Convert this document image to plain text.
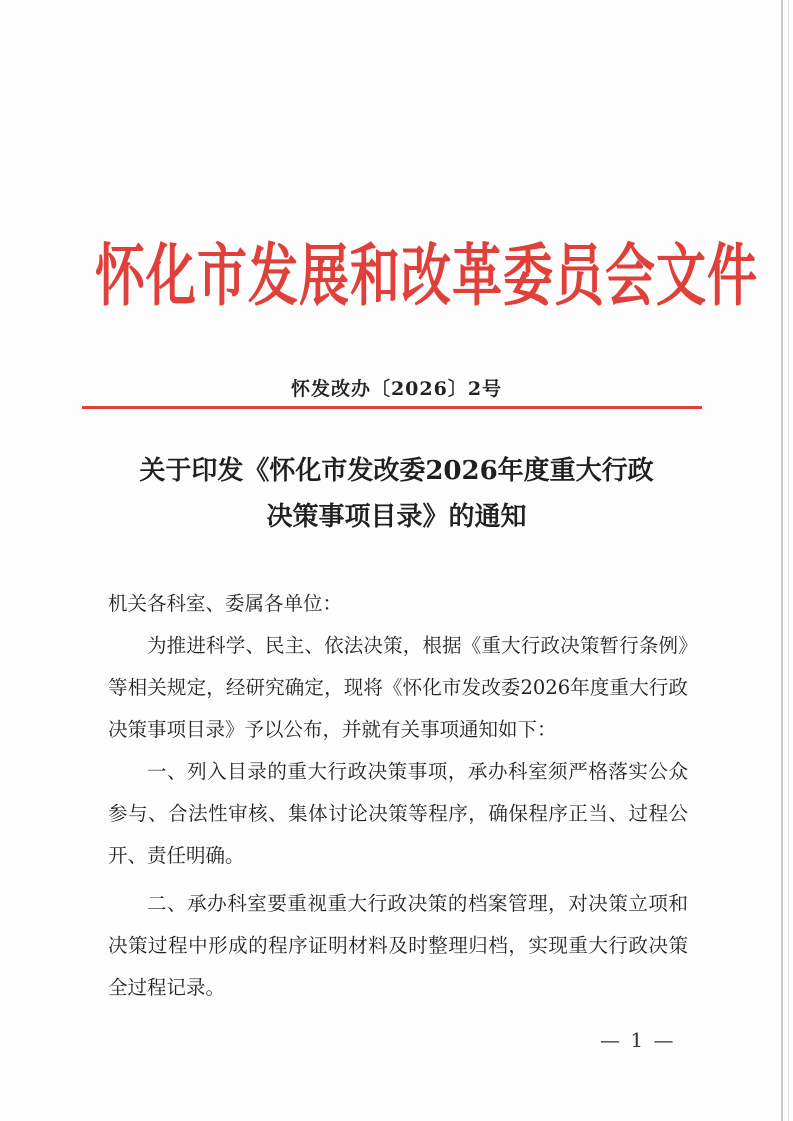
怀化市发展和改革委员会文件
怀发改办〔2026〕2号
关于印发《怀化市发改委2026年度重大行政
决策事项目录》的通知

机关各科室、委属各单位：

为推进科学、民主、依法决策，根据《重大行政决策暂行条例》等相关规定，经研究确定，现将《怀化市发改委2026年度重大行政决策事项目录》予以公布，并就有关事项通知如下：

一、列入目录的重大行政决策事项，承办科室须严格落实公众参与、合法性审核、集体讨论决策等程序，确保程序正当、过程公开、责任明确。

二、承办科室要重视重大行政决策的档案管理，对决策立项和决策过程中形成的程序证明材料及时整理归档，实现重大行政决策全过程记录。

— 1 —
